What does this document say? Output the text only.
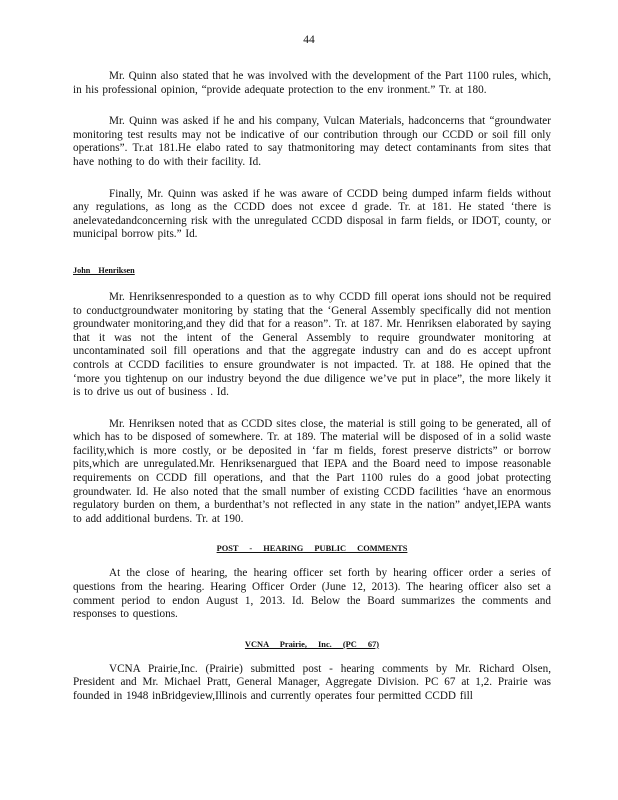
44

Mr. Quinn also stated that he was involved with the development of the Part 1100 rules, which, in his professional opinion, “provide adequate protection to the env ironment.” Tr. at 180.

Mr. Quinn was asked if he and his company, Vulcan Materials, hadconcerns that “groundwater monitoring test results may not be indicative of our contribution through our CCDD or soil fill only operations”. Tr.at 181.He elabo rated to say thatmonitoring may detect contaminants from sites that have nothing to do with their facility. Id.

Finally, Mr. Quinn was asked if he was aware of CCDD being dumped infarm fields without any regulations, as long as the CCDD does not excee d grade. Tr. at 181. He stated ‘there is anelevatedandconcerning risk with the unregulated CCDD disposal in farm fields, or IDOT, county, or municipal borrow pits.” Id.

John Henriksen

Mr. Henriksenresponded to a question as to why CCDD fill operat ions should not be required to conductgroundwater monitoring by stating that the ‘General Assembly specifically did not mention groundwater monitoring,and they did that for a reason”. Tr. at 187. Mr. Henriksen elaborated by saying that it was not the intent of the General Assembly to require groundwater monitoring at uncontaminated soil fill operations and that the aggregate industry can and do es accept upfront controls at CCDD facilities to ensure groundwater is not impacted. Tr. at 188. He opined that the ‘more you tightenup on our industry beyond the due diligence we’ve put in place”, the more likely it is to drive us out of business . Id.

Mr. Henriksen noted that as CCDD sites close, the material is still going to be generated, all of which has to be disposed of somewhere. Tr. at 189. The material will be disposed of in a solid waste facility,which is more costly, or be deposited in ‘far m fields, forest preserve districts” or borrow pits,which are unregulated.Mr. Henriksenargued that IEPA and the Board need to impose reasonable requirements on CCDD fill operations, and that the Part 1100 rules do a good jobat protecting groundwater. Id. He also noted that the small number of existing CCDD facilities ‘have an enormous regulatory burden on them, a burdenthat’s not reflected in any state in the nation” andyet,IEPA wants to add additional burdens. Tr. at 190.

POST - HEARING PUBLIC COMMENTS

At the close of hearing, the hearing officer set forth by hearing officer order a series of questions from the hearing. Hearing Officer Order (June 12, 2013). The hearing officer also set a comment period to endon August 1, 2013. Id. Below the Board summarizes the comments and responses to questions.

VCNA Prairie, Inc. (PC 67)

VCNA Prairie,Inc. (Prairie) submitted post - hearing comments by Mr. Richard Olsen, President and Mr. Michael Pratt, General Manager, Aggregate Division. PC 67 at 1,2. Prairie was founded in 1948 inBridgeview,Illinois and currently operates four permitted CCDD fill
